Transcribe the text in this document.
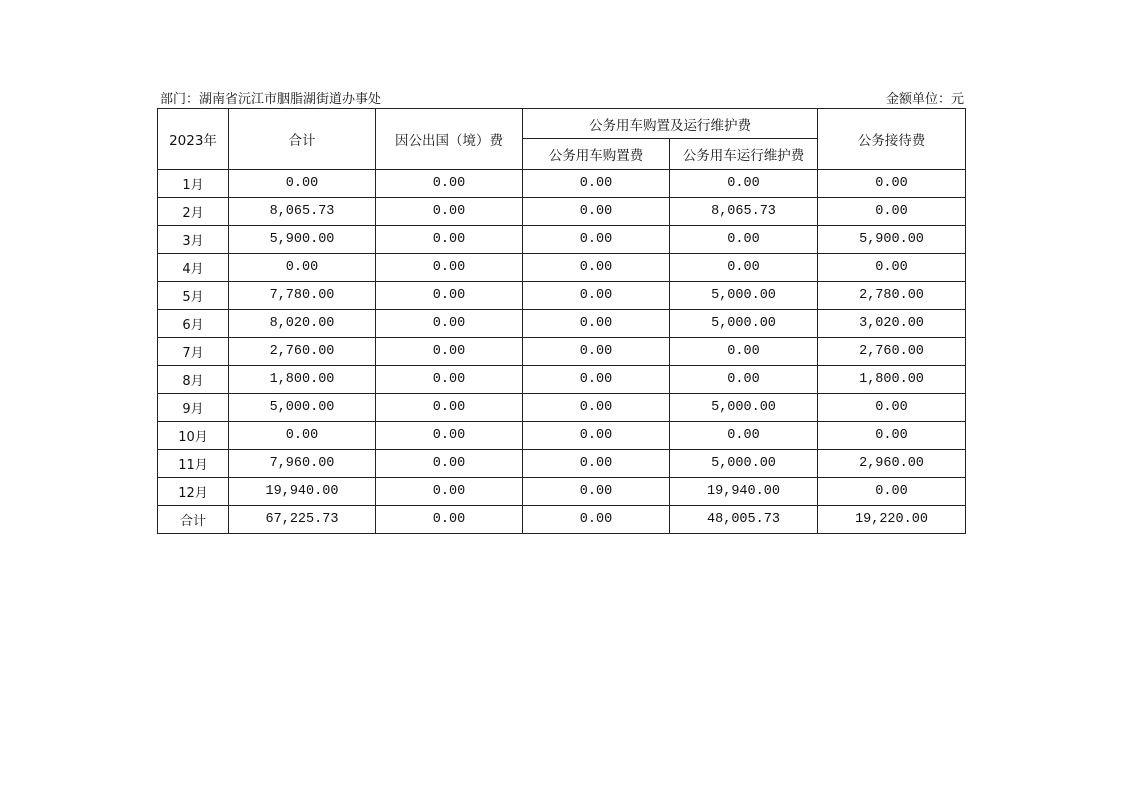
部门：湖南省沅江市胭脂湖街道办事处	金额单位：元
2023年	合计	因公出国（境）费	公务用车购置及运行维护费		公务接待费
			公务用车购置费	公务用车运行维护费	
1月	0.00	0.00	0.00	0.00	0.00
2月	8,065.73	0.00	0.00	8,065.73	0.00
3月	5,900.00	0.00	0.00	0.00	5,900.00
4月	0.00	0.00	0.00	0.00	0.00
5月	7,780.00	0.00	0.00	5,000.00	2,780.00
6月	8,020.00	0.00	0.00	5,000.00	3,020.00
7月	2,760.00	0.00	0.00	0.00	2,760.00
8月	1,800.00	0.00	0.00	0.00	1,800.00
9月	5,000.00	0.00	0.00	5,000.00	0.00
10月	0.00	0.00	0.00	0.00	0.00
11月	7,960.00	0.00	0.00	5,000.00	2,960.00
12月	19,940.00	0.00	0.00	19,940.00	0.00
合计	67,225.73	0.00	0.00	48,005.73	19,220.00
